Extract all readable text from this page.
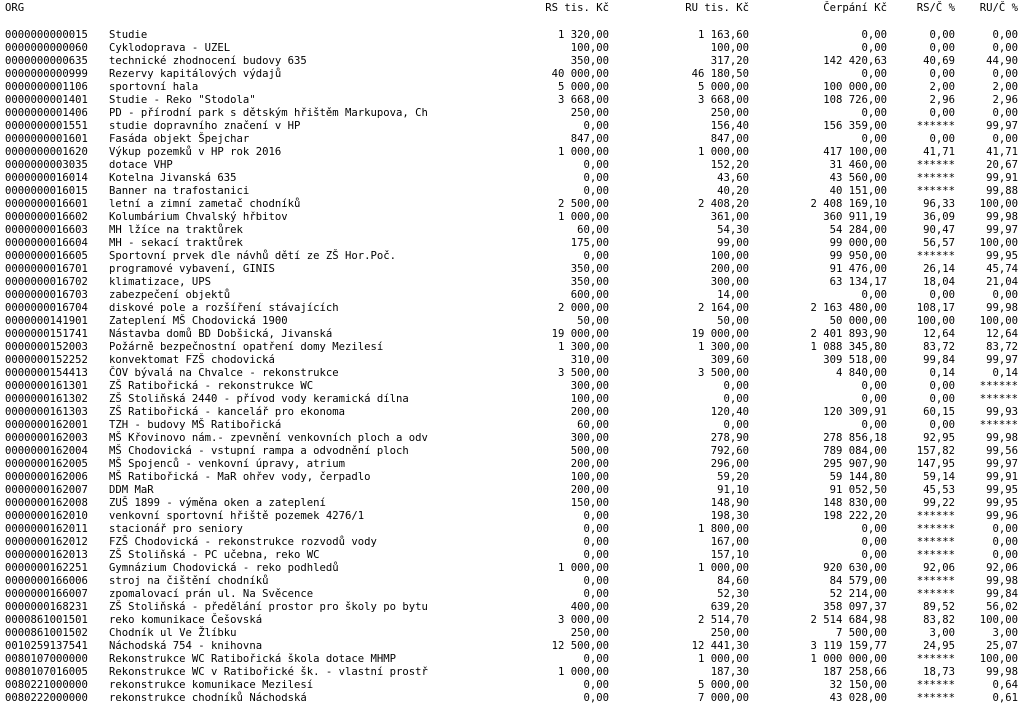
ORG	RS tis. Kč	RU tis. Kč	Čerpání Kč	RS/Č % RU/Č %
0000000000015 Studie	1 320,00	1 163,60	0,00	0,00	0,00
0000000000060 Cyklodoprava - UZEL	100,00	100,00	0,00	0,00	0,00
0000000000635 technické zhodnocení budovy 635	350,00	317,20	142 420,63	40,69	44,90
0000000000999 Rezervy kapitálových výdajů	40 000,00	46 180,50	0,00	0,00	0,00
0000000001106 sportovní hala	5 000,00	5 000,00	100 000,00	2,00	2,00
0000000001401 Studie - Reko "Stodola"	3 668,00	3 668,00	108 726,00	2,96	2,96
0000000001406 PD - přírodní park s dětským hřištěm Markupova, Ch	250,00	250,00	0,00	0,00	0,00
0000000001551 studie dopravního značení v HP	0,00	156,40	156 359,00	******	99,97
0000000001601 Fasáda objekt Špejchar	847,00	847,00	0,00	0,00	0,00
0000000001620 Výkup pozemků v HP rok 2016	1 000,00	1 000,00	417 100,00	41,71	41,71
0000000003035 dotace VHP	0,00	152,20	31 460,00	******	20,67
0000000016014 Kotelna Jivanská 635	0,00	43,60	43 560,00	******	99,91
0000000016015 Banner na trafostanici	0,00	40,20	40 151,00	******	99,88
0000000016601 letní a zimní zametač chodníků	2 500,00	2 408,20	2 408 169,10	96,33 100,00
0000000016602 Kolumbárium Chvalský hřbitov	1 000,00	361,00	360 911,19	36,09	99,98
0000000016603 MH lžíce na traktůrek	60,00	54,30	54 284,00	90,47	99,97
0000000016604 MH - sekací traktůrek	175,00	99,00	99 000,00	56,57 100,00
0000000016605 Sportovní prvek dle návhů dětí ze ZŠ Hor.Poč.	0,00	100,00	99 950,00	******	99,95
0000000016701 programové vybavení, GINIS	350,00	200,00	91 476,00	26,14	45,74
0000000016702 klimatizace, UPS	350,00	300,00	63 134,17	18,04	21,04
0000000016703 zabezpečení objektů	600,00	14,00	0,00	0,00	0,00
0000000016704 diskové pole a rozšíření stávajících	2 000,00	2 164,00	2 163 480,00	108,17	99,98
0000000141901 Zateplení MŠ Chodovická 1900	50,00	50,00	50 000,00	100,00 100,00
0000000151741 Nástavba domů BD Dobšická, Jivanská	19 000,00	19 000,00	2 401 893,90	12,64	12,64
0000000152003 Požárně bezpečnostní opatření domy Mezilesí	1 300,00	1 300,00	1 088 345,80	83,72	83,72
0000000152252 konvektomat FZŠ chodovická	310,00	309,60	309 518,00	99,84	99,97
0000000154413 ČOV bývalá na Chvalce - rekonstrukce	3 500,00	3 500,00	4 840,00	0,14	0,14
0000000161301 ZŠ Ratibořická - rekonstrukce WC	300,00	0,00	0,00	0,00 ******
0000000161302 ZŠ Stoliňská 2440 - přívod vody keramická dílna	100,00	0,00	0,00	0,00 ******
0000000161303 ZŠ Ratibořická - kancelář pro ekonoma	200,00	120,40	120 309,91	60,15	99,93
0000000162001 TZH - budovy MŠ Ratibořická	60,00	0,00	0,00	0,00 ******
0000000162003 MŠ Křovinovo nám.- zpevnění venkovních ploch a odv	300,00	278,90	278 856,18	92,95	99,98
0000000162004 MŠ Chodovická - vstupní rampa a odvodnění ploch	500,00	792,60	789 084,00	157,82	99,56
0000000162005 MŠ Spojenců - venkovní úpravy, atrium	200,00	296,00	295 907,90	147,95	99,97
0000000162006 MŠ Ratibořická - MaR ohřev vody, čerpadlo	100,00	59,20	59 144,80	59,14	99,91
0000000162007 DDM MaR	200,00	91,10	91 052,50	45,53	99,95
0000000162008 ZUŠ 1899 - výměna oken a zateplení	150,00	148,90	148 830,00	99,22	99,95
0000000162010 venkovní sportovní hřiště pozemek 4276/1	0,00	198,30	198 222,20	******	99,96
0000000162011 stacionář pro seniory	0,00	1 800,00	0,00	******	0,00
0000000162012 FZŠ Chodovická - rekonstrukce rozvodů vody	0,00	167,00	0,00	******	0,00
0000000162013 ZŠ Stoliňská - PC učebna, reko WC	0,00	157,10	0,00	******	0,00
0000000162251 Gymnázium Chodovická - reko podhledů	1 000,00	1 000,00	920 630,00	92,06	92,06
0000000166006 stroj na čištění chodníků	0,00	84,60	84 579,00	******	99,98
0000000166007 zpomalovací prán ul. Na Svěcence	0,00	52,30	52 214,00	******	99,84
0000000168231 ZŠ Stoliňská - předělání prostor pro školy po bytu	400,00	639,20	358 097,37	89,52	56,02
0000861001501 reko komunikace Češovská	3 000,00	2 514,70	2 514 684,98	83,82 100,00
0000861001502 Chodník ul Ve Žlíbku	250,00	250,00	7 500,00	3,00	3,00
0010259137541 Náchodská 754 - knihovna	12 500,00	12 441,30	3 119 159,77	24,95	25,07
0080107000000 Rekonstrukce WC Ratibořická škola dotace MHMP	0,00	1 000,00	1 000 000,00	****** 100,00
0080107016005 Rekonstrukce WC v Ratibořické šk. - vlastní prostř	1 000,00	187,30	187 258,66	18,73	99,98
0080221000000 rekonstrukce komunikace Mezilesí	0,00	5 000,00	32 150,00	******	0,64
0080222000000 rekonstrukce chodníků Náchodská	0,00	7 000,00	43 028,00	******	0,61
